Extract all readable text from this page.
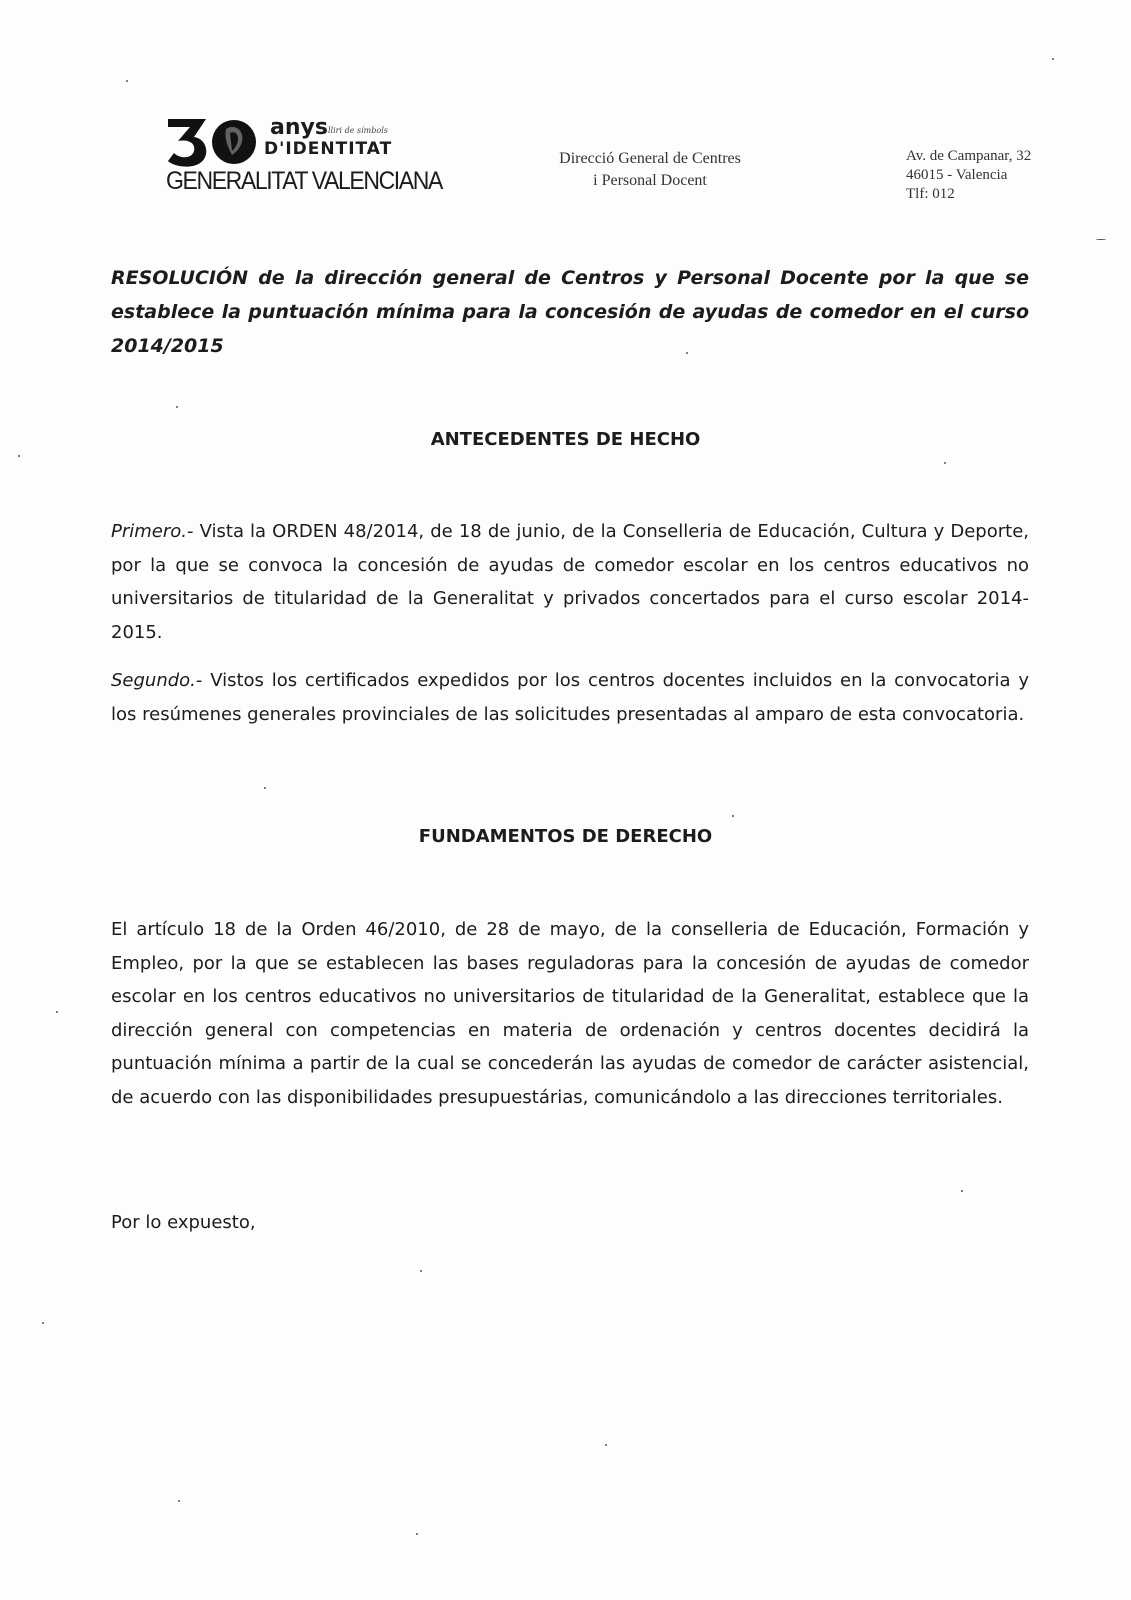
anys lliri de símbols
D'IDENTITAT
GENERALITAT VALENCIANA
Direcció General de Centres
i Personal Docent
Av. de Campanar, 32
46015 - Valencia
Tlf: 012
RESOLUCIÓN de la dirección general de Centros y Personal Docente por la que se establece la puntuación mínima para la concesión de ayudas de comedor en el curso 2014/2015
ANTECEDENTES DE HECHO
Primero.- Vista la ORDEN 48/2014, de 18 de junio, de la Conselleria de Educación, Cultura y Deporte, por la que se convoca la concesión de ayudas de comedor escolar en los centros educativos no universitarios de titularidad de la Generalitat y privados concertados para el curso escolar 2014-2015.
Segundo.- Vistos los certificados expedidos por los centros docentes incluidos en la convocatoria y los resúmenes generales provinciales de las solicitudes presentadas al amparo de esta convocatoria.
FUNDAMENTOS DE DERECHO
El artículo 18 de la Orden 46/2010, de 28 de mayo, de la conselleria de Educación, Formación y Empleo, por la que se establecen las bases reguladoras para la concesión de ayudas de comedor escolar en los centros educativos no universitarios de titularidad de la Generalitat, establece que la dirección general con competencias en materia de ordenación y centros docentes decidirá la puntuación mínima a partir de la cual se concederán las ayudas de comedor de carácter asistencial, de acuerdo con las disponibilidades presupuestárias, comunicándolo a las direcciones territoriales.
Por lo expuesto,
